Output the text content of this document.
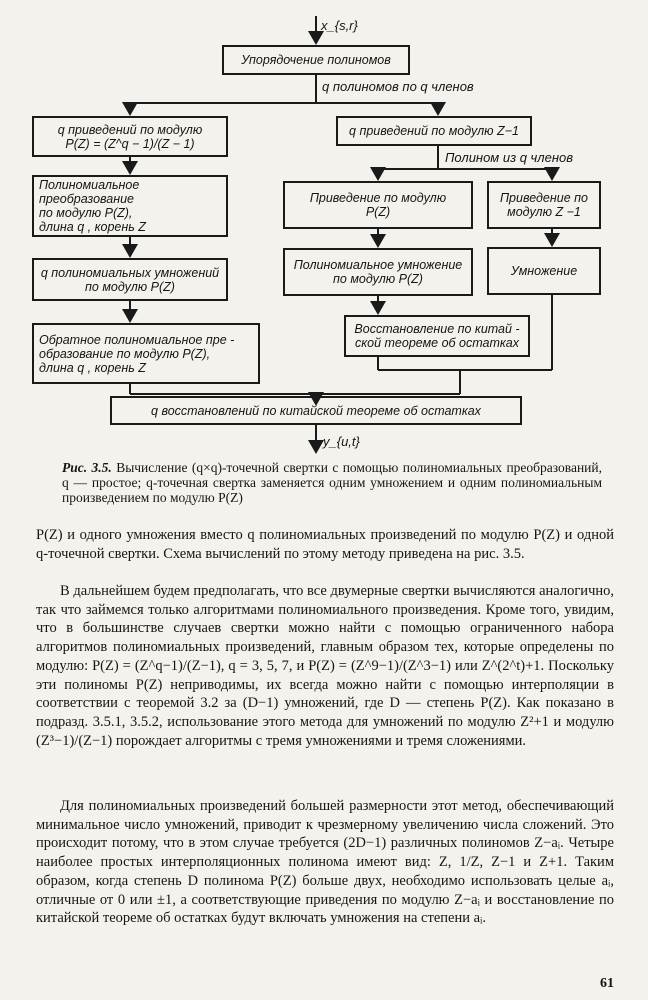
x_{s,r}
q полиномов по q членов
Полином из q членов
y_{u,t}
Упорядочение полиномов
q приведений по модулю
P(Z) = (Z^q − 1)/(Z − 1)
q приведений по модулю Z−1
Полиномиальное преобразование
по модулю P(Z),
длина q , корень Z
Приведение по модулю
P(Z)
Приведение по
модулю Z −1
q полиномиальных умножений
по модулю P(Z)
Полиномиальное умножение
по модулю P(Z)
Умножение
Обратное полиномиальное пре -
образование по модулю P(Z),
длина q , корень Z
Восстановление по китай -
ской теореме об остатках
q восстановлений по китайской теореме об остатках
Рис. 3.5. Вычисление (q×q)-точечной свертки с помощью полиномиальных преобразований, q — простое; q-точечная свертка заменяется одним умножением и одним полиномиальным произведением по модулю P(Z)

P(Z) и одного умножения вместо q полиномиальных произведений по модулю P(Z) и одной q-точечной свертки. Схема вычислений по этому методу приведена на рис. 3.5.

В дальнейшем будем предполагать, что все двумерные свертки вычисляются аналогично, так что займемся только алгоритмами полиномиального произведения. Кроме того, увидим, что в большинстве случаев свертки можно найти с помощью ограниченного набора алгоритмов полиномиальных произведений, главным образом тех, которые определены по модулю: P(Z) = (Z^q−1)/(Z−1), q = 3, 5, 7, и P(Z) = (Z^9−1)/(Z^3−1) или Z^(2^t)+1. Поскольку эти полиномы P(Z) неприводимы, их всегда можно найти с помощью интерполяции в соответствии с теоремой 3.2 за (D−1) умножений, где D — степень P(Z). Как показано в подразд. 3.5.1, 3.5.2, использование этого метода для умножений по модулю Z²+1 и модулю (Z³−1)/(Z−1) порождает алгоритмы с тремя умножениями и тремя сложениями.

Для полиномиальных произведений большей размерности этот метод, обеспечивающий минимальное число умножений, приводит к чрезмерному увеличению числа сложений. Это происходит потому, что в этом случае требуется (2D−1) различных полиномов Z−aᵢ. Четыре наиболее простых интерполяционных полинома имеют вид: Z, 1/Z, Z−1 и Z+1. Таким образом, когда степень D полинома P(Z) больше двух, необходимо использовать целые aᵢ, отличные от 0 или ±1, а соответствующие приведения по модулю Z−aᵢ и восстановление по китайской теореме об остатках будут включать умножения на степени aᵢ.

61
